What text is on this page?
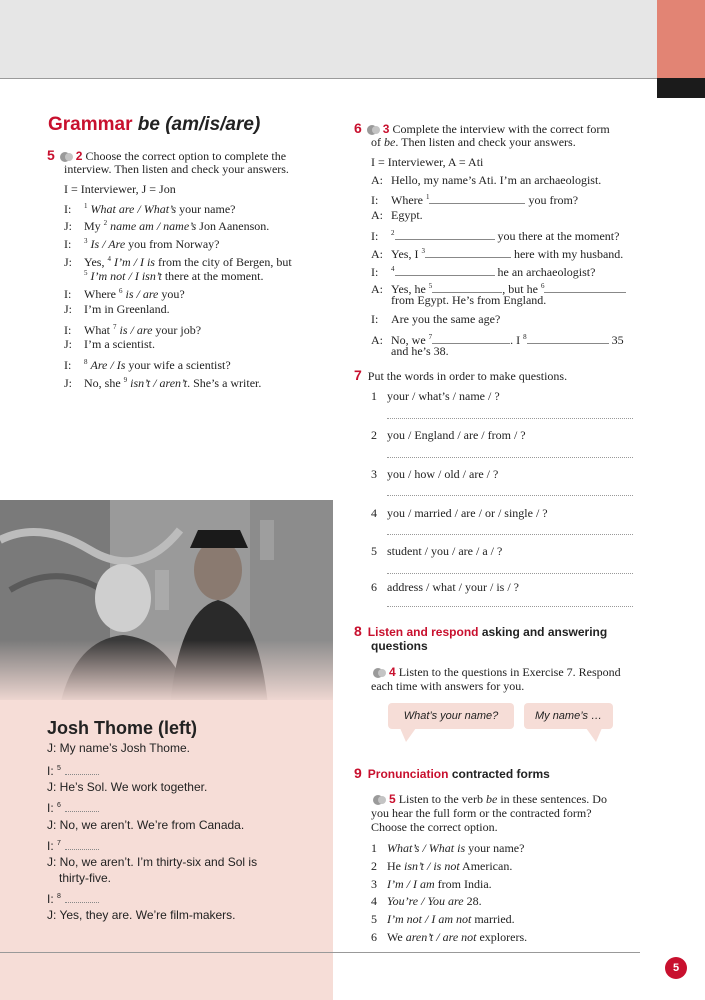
Grammar be (am/is/are)
5 2 Choose the correct option to complete the
interview. Then listen and check your answers.
I = Interviewer, J = Jon
I: $^1$ What are / What’s your name?
J: My $^2$ name am / name’s Jon Aanenson.
I: $^3$ Is / Are you from Norway?
J: Yes, $^4$ I’m / I is from the city of Bergen, but
$^5$ I’m not / I isn’t there at the moment.
I: Where $^6$ is / are you?
J: I’m in Greenland.
I: What $^7$ is / are your job?
J: I’m a scientist.
I: $^8$ Are / Is your wife a scientist?
J: No, she $^9$ isn’t / aren’t. She’s a writer.
Josh Thome (left)
J: My name’s Josh Thome.
I: $^5$
J: He’s Sol. We work together.
I: $^6$
J: No, we aren’t. We’re from Canada.
I: $^7$
J: No, we aren’t. I’m thirty-six and Sol is
thirty-five.
I: $^8$
J: Yes, they are. We’re film-makers.
6 3 Complete the interview with the correct form
of be. Then listen and check your answers.
I = Interviewer, A = Ati
A: Hello, my name’s Ati. I’m an archaeologist.
I: Where $^1$	you from?
A: Egypt.
I: $^2$	you there at the moment?
A: Yes, I $^3$	here with my husband.
I: $^4$	he an archaeologist?
A: Yes, he $^5$	, but he $^6$
from Egypt. He’s from England.
I: Are you the same age?
A: No, we $^7$	. I $^8$	35
and he’s 38.
7 Put the words in order to make questions.
1 your / what’s / name / ?
2 you / England / are / from / ?
3 you / how / old / are / ?
4 you / married / are / or / single / ?
5 student / you / are / a / ?
6 address / what / your / is / ?
8 Listen and respond asking and answering
questions
4 Listen to the questions in Exercise 7. Respond
each time with answers for you.
What’s your name?	My name’s …
9 Pronunciation contracted forms
5 Listen to the verb be in these sentences. Do
you hear the full form or the contracted form?
Choose the correct option.
1 What’s / What is your name?
2 He isn’t / is not American.
3 I’m / I am from India.
4 You’re / You are 28.
5 I’m not / I am not married.
6 We aren’t / are not explorers.
5
